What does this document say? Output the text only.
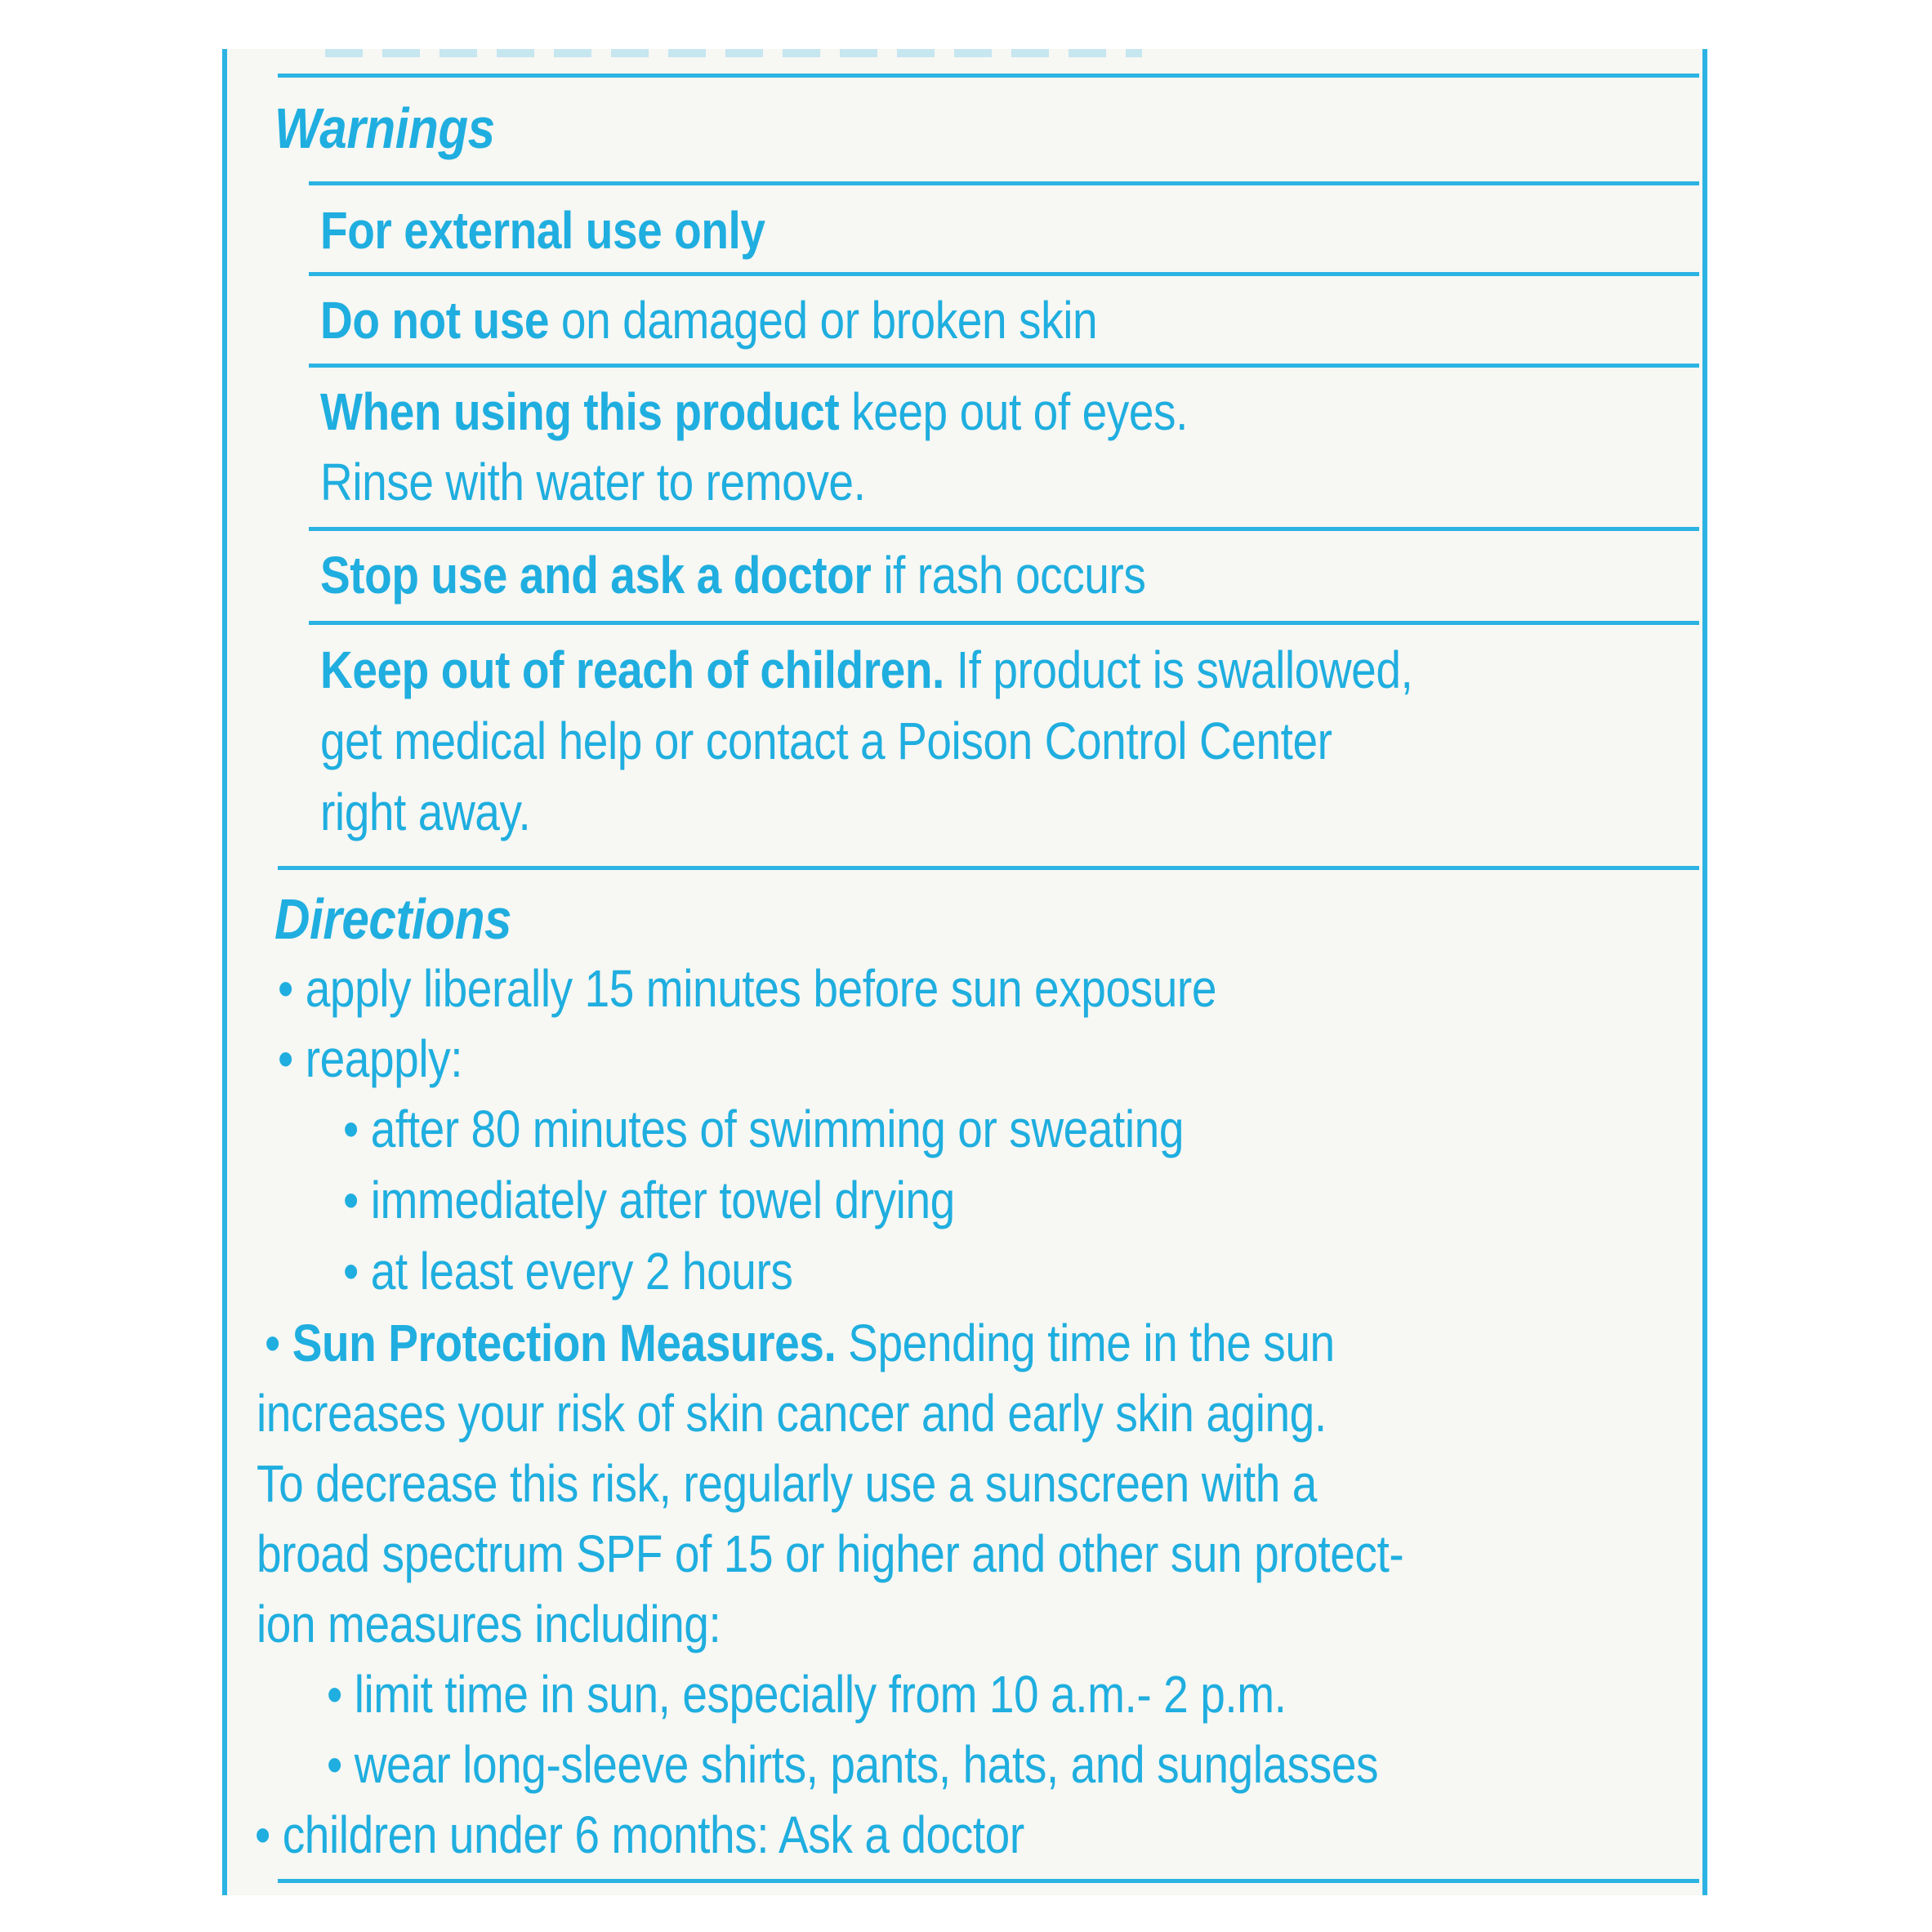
Warnings
For external use only
Do not use on damaged or broken skin
When using this product keep out of eyes.
Rinse with water to remove.
Stop use and ask a doctor if rash occurs
Keep out of reach of children. If product is swallowed,
get medical help or contact a Poison Control Center
right away.
Directions
• apply liberally 15 minutes before sun exposure
• reapply:
• after 80 minutes of swimming or sweating
• immediately after towel drying
• at least every 2 hours
• Sun Protection Measures. Spending time in the sun
increases your risk of skin cancer and early skin aging.
To decrease this risk, regularly use a sunscreen with a
broad spectrum SPF of 15 or higher and other sun protect-
ion measures including:
• limit time in sun, especially from 10 a.m.- 2 p.m.
• wear long-sleeve shirts, pants, hats, and sunglasses
• children under 6 months: Ask a doctor
